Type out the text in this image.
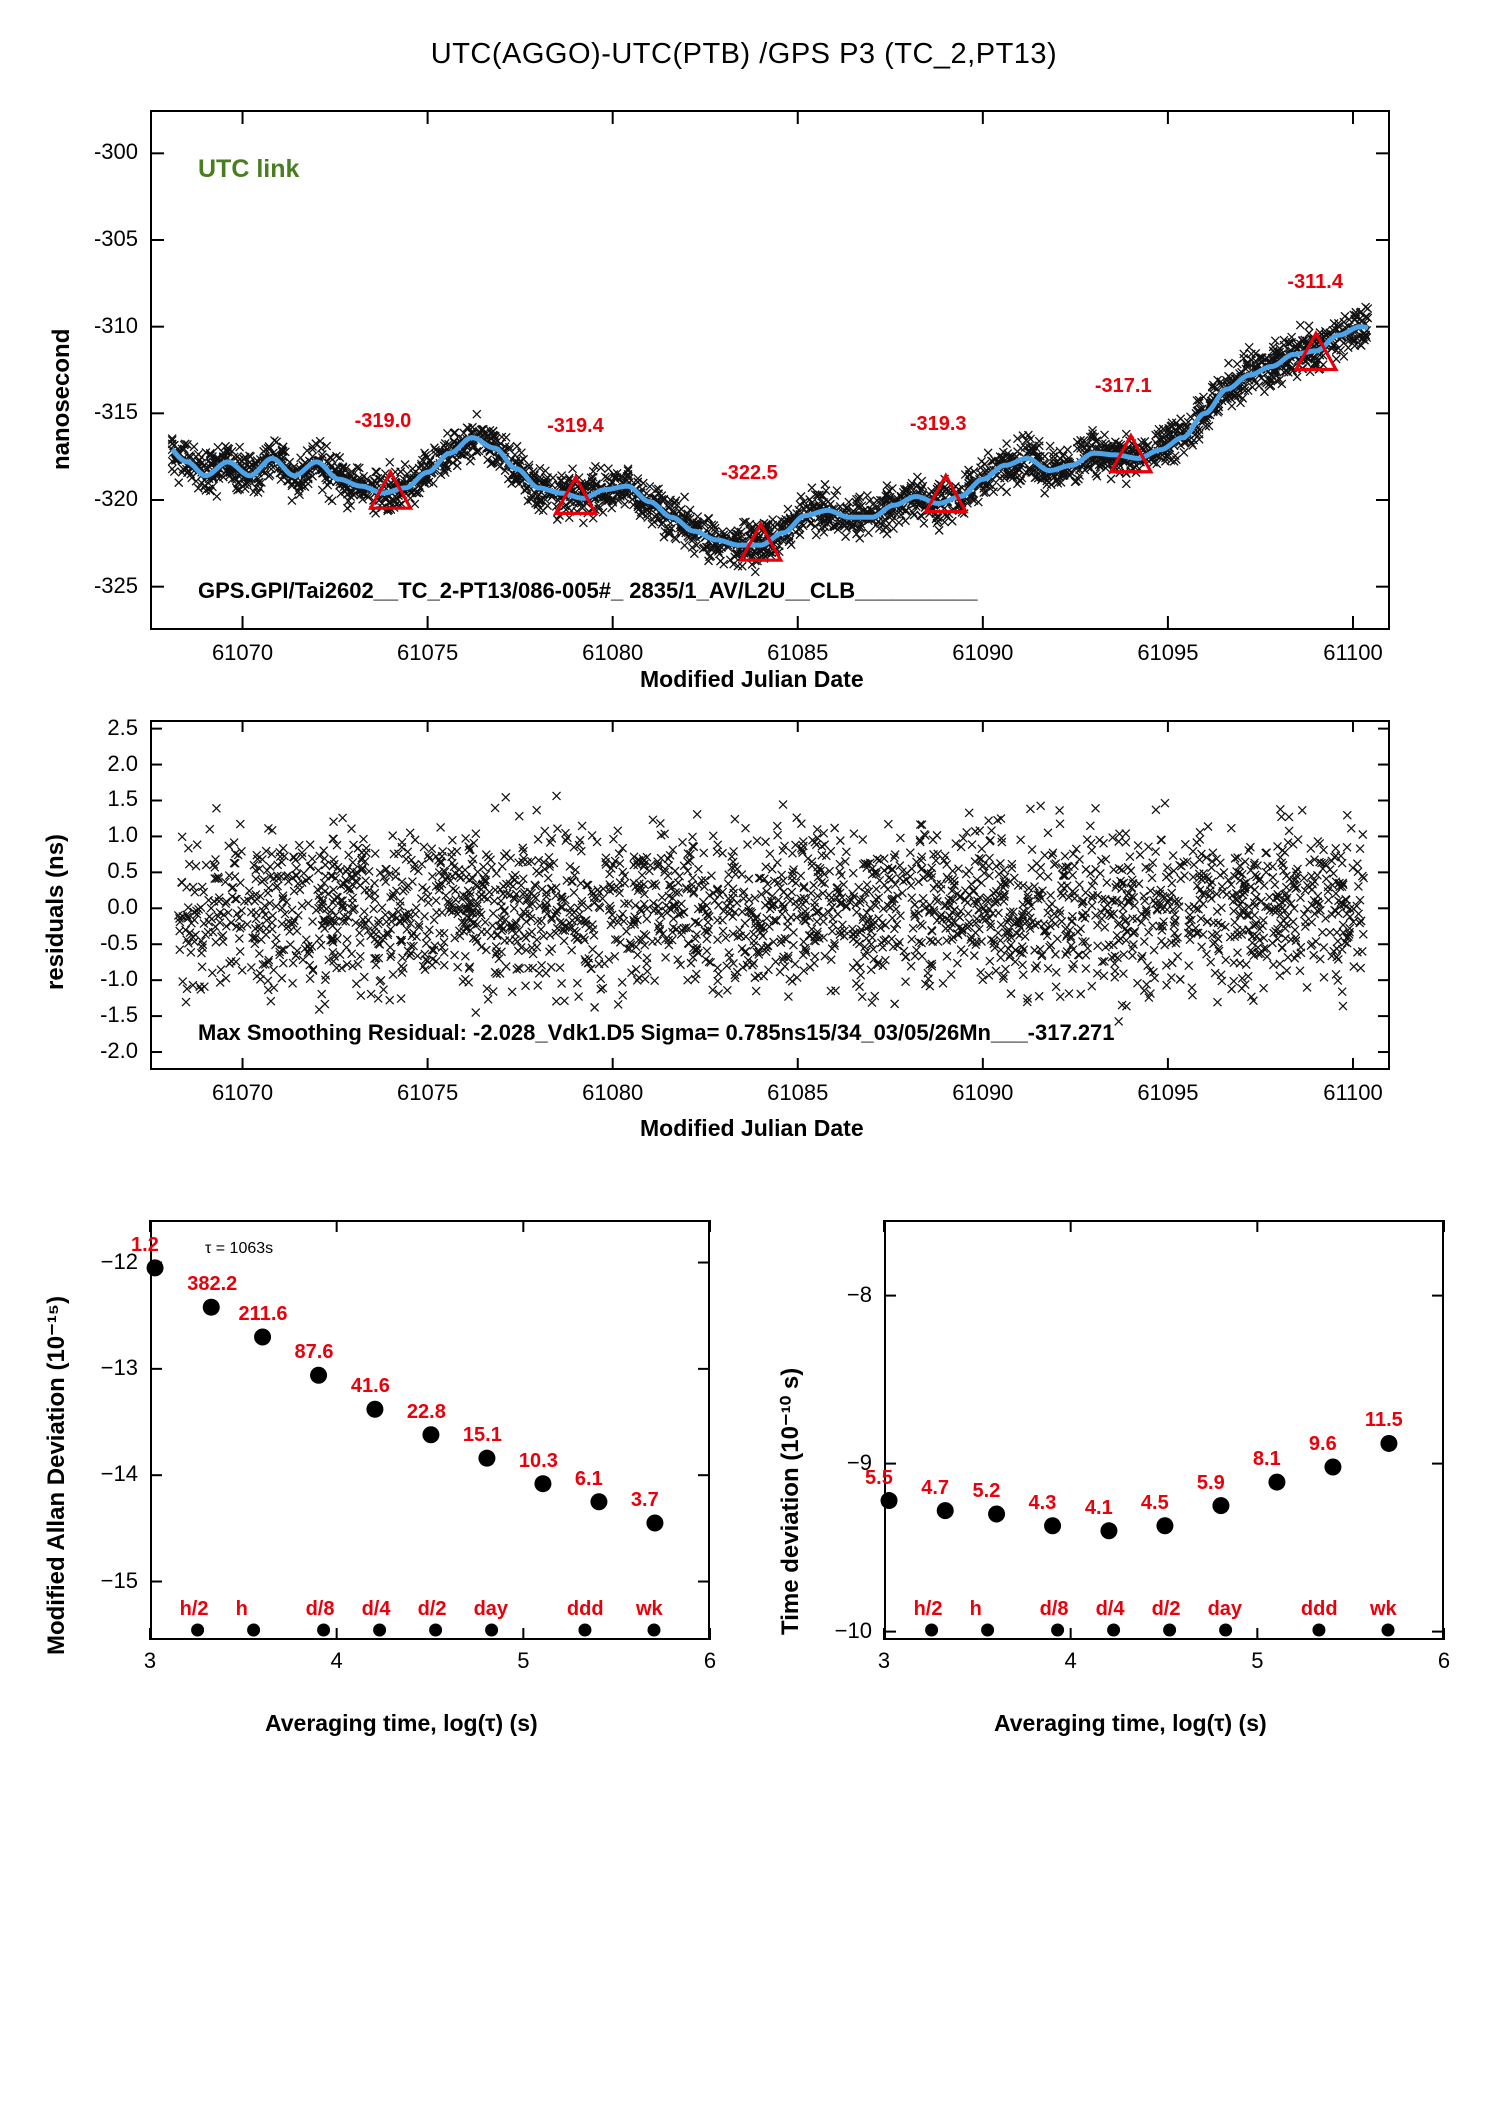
UTC(AGGO)-UTC(PTB) /GPS P3 (TC_2,PT13)
nanosecond
Modified Julian Date
UTC link
GPS.GPI/Tai2602__TC_2-PT13/086-005#_ 2835/1_AV/L2U__CLB__________
-300
-305
-310
-315
-320
-325
61070	61075	61080	61085	61090	61095	61100
-319.0	-319.4
-322.5
-319.3
-317.1
-311.4
residuals (ns)
Modified Julian Date
Max Smoothing Residual: -2.028_Vdk1.D5 Sigma= 0.785ns15/34_03/05/26Mn___-317.271
2.5
2.0
1.5
1.0
0.5
0.0
-0.5
-1.0
-1.5
-2.0
61070	61075	61080	61085	61090	61095	61100
Modified Allan Deviation (10⁻¹⁵)
Averaging time, log(τ) (s)
τ = 1063s
−12
−13
−14
−15
3	4	5	6
1.2
382.2
211.6
87.6
41.6
22.8
15.1
10.3
6.1
3.7
h/2 h	d/8 d/4 d/2 day	ddd wk	Time deviation (10⁻¹⁰ s)
Averaging time, log(τ) (s)
−8
−9
−10
3	4	5	6
5.5 4.7 5.2
4.3 4.1 4.5
5.9
8.1
9.6
11.5
h/2 h	d/8 d/4 d/2 day	ddd wk
